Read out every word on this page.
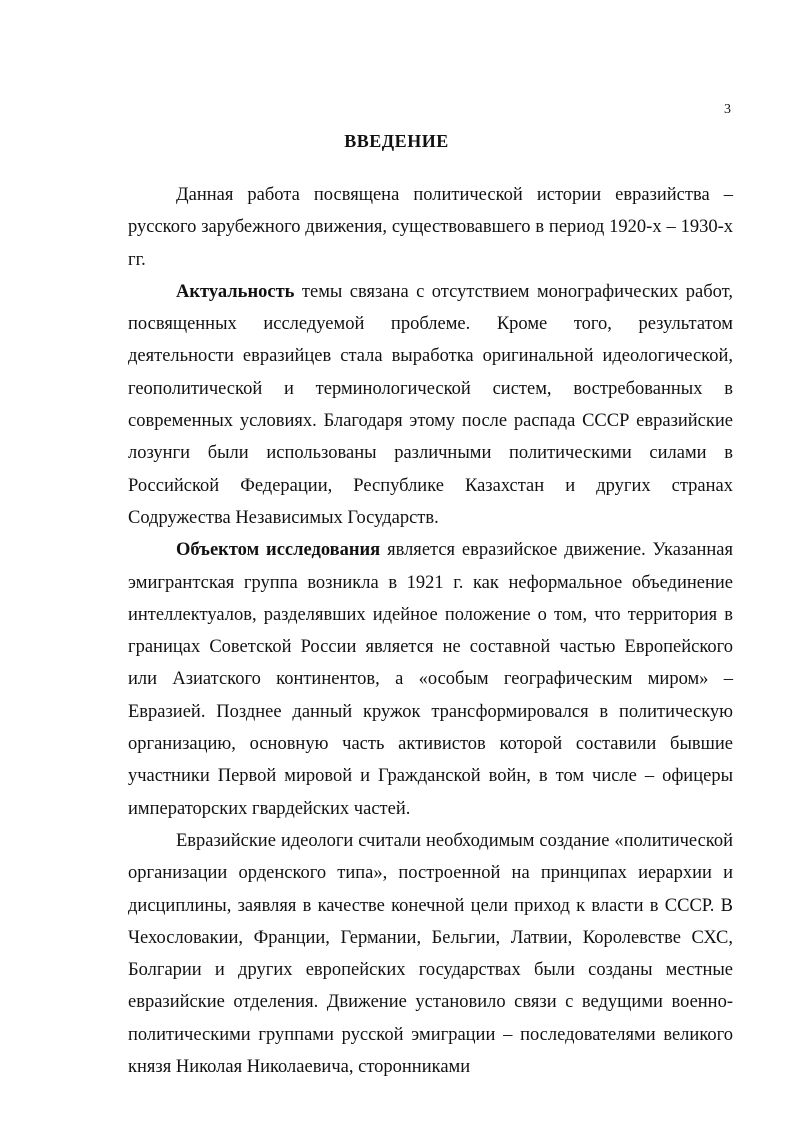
3
ВВЕДЕНИЕ

Данная работа посвящена политической истории евразийства – русского зарубежного движения, существовавшего в период 1920-х – 1930-х гг.

Актуальность темы связана с отсутствием монографических работ, посвященных исследуемой проблеме. Кроме того, результатом деятельности евразийцев стала выработка оригинальной идеологической, геополитической и терминологической систем, востребованных в современных условиях. Благодаря этому после распада СССР евразийские лозунги были использованы различными политическими силами в Российской Федерации, Республике Казахстан и других странах Содружества Независимых Государств.

Объектом исследования является евразийское движение. Указанная эмигрантская группа возникла в 1921 г. как неформальное объединение интеллектуалов, разделявших идейное положение о том, что территория в границах Советской России является не составной частью Европейского или Азиатского континентов, а «особым географическим миром» – Евразией. Позднее данный кружок трансформировался в политическую организацию, основную часть активистов которой составили бывшие участники Первой мировой и Гражданской войн, в том числе – офицеры императорских гвардейских частей.

Евразийские идеологи считали необходимым создание «политической организации орденского типа», построенной на принципах иерархии и дисциплины, заявляя в качестве конечной цели приход к власти в СССР. В Чехословакии, Франции, Германии, Бельгии, Латвии, Королевстве СХС, Болгарии и других европейских государствах были созданы местные евразийские отделения. Движение установило связи с ведущими военно-политическими группами русской эмиграции – последователями великого князя Николая Николаевича, сторонниками
